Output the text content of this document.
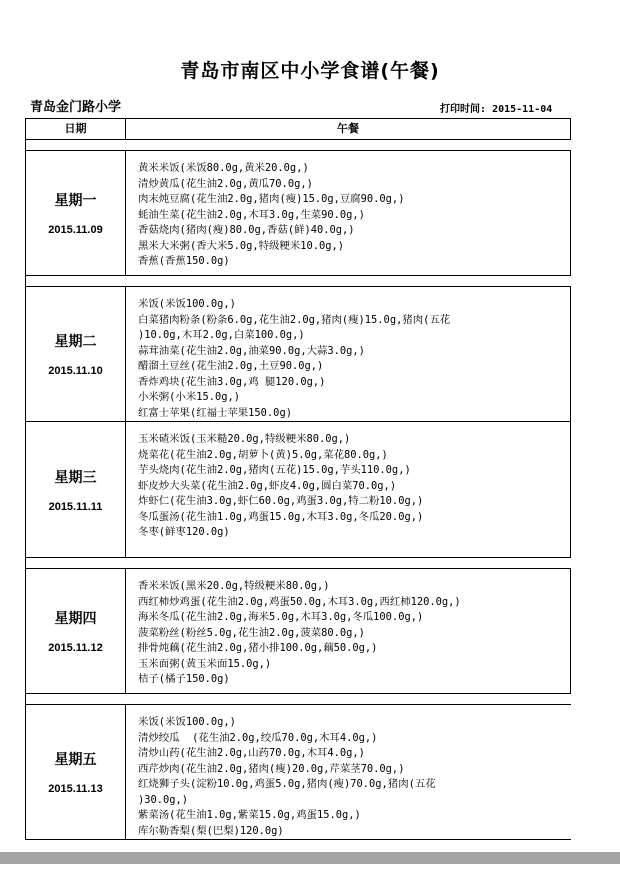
青岛市南区中小学食谱(午餐)
青岛金门路小学	打印时间: 2015-11-04
日期	午餐
星期一
2015.11.09
黄米米饭(米饭80.0g,黄米20.0g,)
清炒黄瓜(花生油2.0g,黄瓜70.0g,)
肉末炖豆腐(花生油2.0g,猪肉(瘦)15.0g,豆腐90.0g,)
蚝油生菜(花生油2.0g,木耳3.0g,生菜90.0g,)
香菇烧肉(猪肉(瘦)80.0g,香菇(鲜)40.0g,)
黑米大米粥(香大米5.0g,特级粳米10.0g,)
香蕉(香蕉150.0g)
星期二
2015.11.10
米饭(米饭100.0g,)
白菜猪肉粉条(粉条6.0g,花生油2.0g,猪肉(瘦)15.0g,猪肉(五花
)10.0g,木耳2.0g,白菜100.0g,)
蒜茸油菜(花生油2.0g,油菜90.0g,大蒜3.0g,)
醋溜土豆丝(花生油2.0g,土豆90.0g,)
香炸鸡块(花生油3.0g,鸡 腿120.0g,)
小米粥(小米15.0g,)
红富士苹果(红福士苹果150.0g)
星期三
2015.11.11
玉米碴米饭(玉米糙20.0g,特级粳米80.0g,)
烧菜花(花生油2.0g,胡萝卜(黄)5.0g,菜花80.0g,)
芋头烧肉(花生油2.0g,猪肉(五花)15.0g,芋头110.0g,)
虾皮炒大头菜(花生油2.0g,虾皮4.0g,圆白菜70.0g,)
炸虾仁(花生油3.0g,虾仁60.0g,鸡蛋3.0g,特二粉10.0g,)
冬瓜蛋汤(花生油1.0g,鸡蛋15.0g,木耳3.0g,冬瓜20.0g,)
冬枣(鲜枣120.0g)
星期四
2015.11.12
香米米饭(黑米20.0g,特级粳米80.0g,)
西红柿炒鸡蛋(花生油2.0g,鸡蛋50.0g,木耳3.0g,西红柿120.0g,)
海米冬瓜(花生油2.0g,海米5.0g,木耳3.0g,冬瓜100.0g,)
菠菜粉丝(粉丝5.0g,花生油2.0g,菠菜80.0g,)
排骨炖藕(花生油2.0g,猪小排100.0g,藕50.0g,)
玉米面粥(黄玉米面15.0g,)
桔子(橘子150.0g)
星期五
2015.11.13
米饭(米饭100.0g,)
清炒绞瓜  (花生油2.0g,绞瓜70.0g,木耳4.0g,)
清炒山药(花生油2.0g,山药70.0g,木耳4.0g,)
西芹炒肉(花生油2.0g,猪肉(瘦)20.0g,芹菜茎70.0g,)
红烧狮子头(淀粉10.0g,鸡蛋5.0g,猪肉(瘦)70.0g,猪肉(五花
)30.0g,)
紫菜汤(花生油1.0g,紫菜15.0g,鸡蛋15.0g,)
库尔勒香梨(梨(巴梨)120.0g)
